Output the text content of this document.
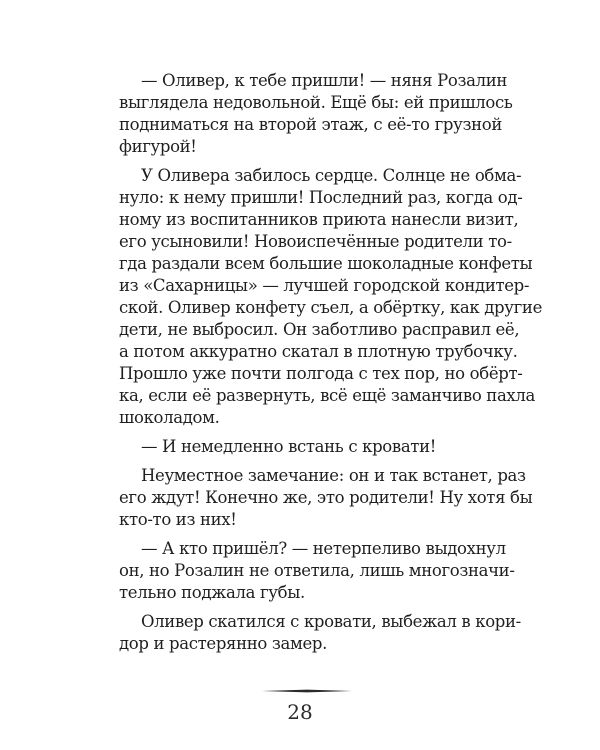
— Оливер, к тебе пришли! — няня Розалин
выглядела недовольной. Ещё бы: ей пришлось
подниматься на второй этаж, с её-то грузной
фигурой!
У Оливера забилось сердце. Солнце не обма-
нуло: к нему пришли! Последний раз, когда од-
ному из воспитанников приюта нанесли визит,
его усыновили! Новоиспечённые родители то-
гда раздали всем большие шоколадные конфеты
из «Сахарницы» — лучшей городской кондитер-
ской. Оливер конфету съел, а обёртку, как другие
дети, не выбросил. Он заботливо расправил её,
а потом аккуратно скатал в плотную трубочку.
Прошло уже почти полгода с тех пор, но обёрт-
ка, если её развернуть, всё ещё заманчиво пахла
шоколадом.
— И немедленно встань с кровати!
Неуместное замечание: он и так встанет, раз
его ждут! Конечно же, это родители! Ну хотя бы
кто-то из них!
— А кто пришёл? — нетерпеливо выдохнул
он, но Розалин не ответила, лишь многозначи-
тельно поджала губы.
Оливер скатился с кровати, выбежал в кори-
дор и растерянно замер.
28
